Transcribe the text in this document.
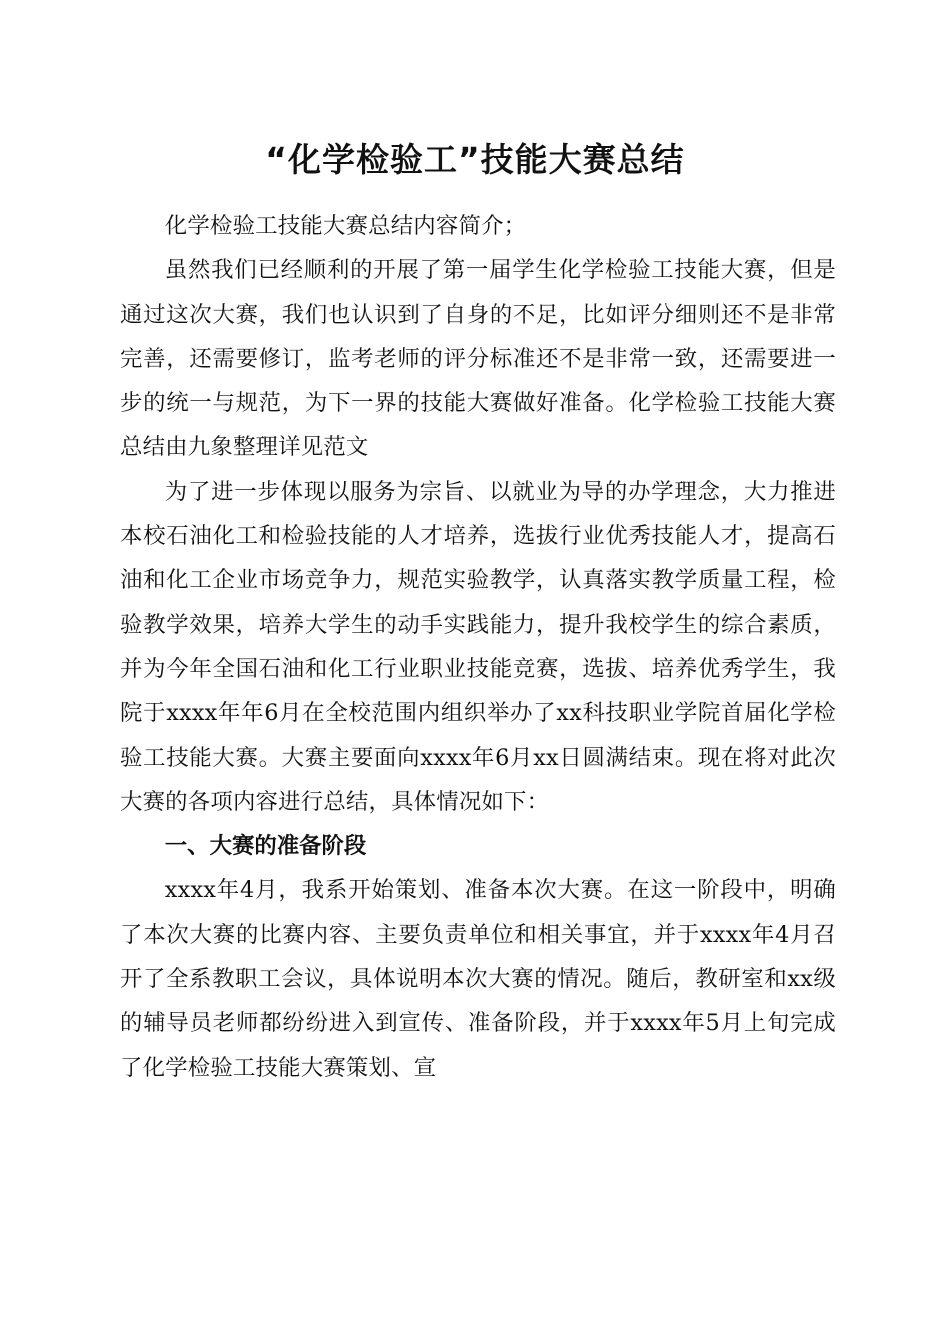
“化学检验工”技能大赛总结

化学检验工技能大赛总结内容简介；

虽然我们已经顺利的开展了第一届学生化学检验工技能大赛，但是通过这次大赛，我们也认识到了自身的不足，比如评分细则还不是非常完善，还需要修订，监考老师的评分标准还不是非常一致，还需要进一步的统一与规范，为下一界的技能大赛做好准备。化学检验工技能大赛总结由九象整理详见范文

为了进一步体现以服务为宗旨、以就业为导的办学理念，大力推进本校石油化工和检验技能的人才培养，选拔行业优秀技能人才，提高石油和化工企业市场竞争力，规范实验教学，认真落实教学质量工程，检验教学效果，培养大学生的动手实践能力，提升我校学生的综合素质，并为今年全国石油和化工行业职业技能竞赛，选拔、培养优秀学生，我院于xxxx年年6月在全校范围内组织举办了xx科技职业学院首届化学检验工技能大赛。大赛主要面向xxxx年6月xx日圆满结束。现在将对此次大赛的各项内容进行总结，具体情况如下：

一、大赛的准备阶段

xxxx年4月，我系开始策划、准备本次大赛。在这一阶段中，明确了本次大赛的比赛内容、主要负责单位和相关事宜，并于xxxx年4月召开了全系教职工会议，具体说明本次大赛的情况。随后，教研室和xx级的辅导员老师都纷纷进入到宣传、准备阶段，并于xxxx年5月上旬完成了化学检验工技能大赛策划、宣
